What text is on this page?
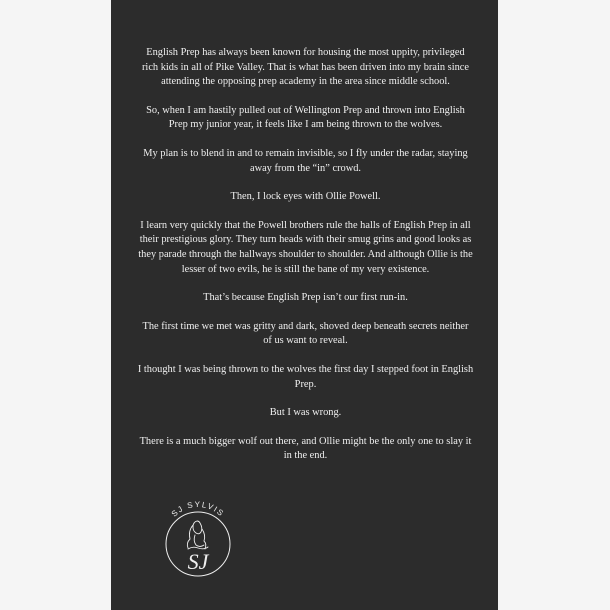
English Prep has always been known for housing the most uppity, privileged rich kids in all of Pike Valley. That is what has been driven into my brain since attending the opposing prep academy in the area since middle school.

So, when I am hastily pulled out of Wellington Prep and thrown into English Prep my junior year, it feels like I am being thrown to the wolves.

My plan is to blend in and to remain invisible, so I fly under the radar, staying away from the “in” crowd.

Then, I lock eyes with Ollie Powell.

I learn very quickly that the Powell brothers rule the halls of English Prep in all their prestigious glory. They turn heads with their smug grins and good looks as they parade through the hallways shoulder to shoulder. And although Ollie is the lesser of two evils, he is still the bane of my very existence.

That’s because English Prep isn’t our first run-in.

The first time we met was gritty and dark, shoved deep beneath secrets neither of us want to reveal.

I thought I was being thrown to the wolves the first day I stepped foot in English Prep.

But I was wrong.

There is a much bigger wolf out there, and Ollie might be the only one to slay it in the end.

SJ SYLVIS
SJ
